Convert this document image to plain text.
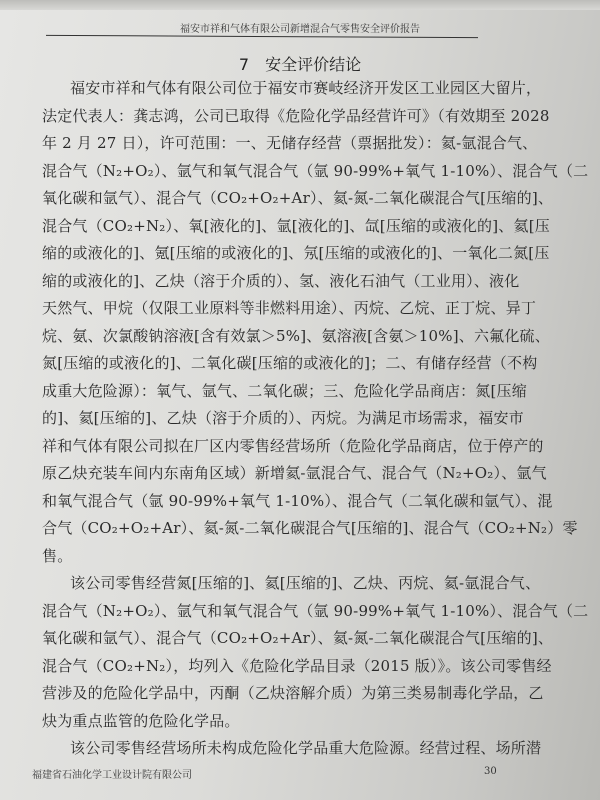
福安市祥和气体有限公司新增混合气零售安全评价报告
7　安全评价结论
福安市祥和气体有限公司位于福安市赛岐经济开发区工业园区大留片，
法定代表人：龚志鸿，公司已取得《危险化学品经营许可》（有效期至 2028
年 2 月 27 日），许可范围：一、无储存经营（票据批发）：氦-氩混合气、
混合气（N₂+O₂）、氩气和氧气混合气（氩 90-99%+氧气 1-10%）、混合气（二
氧化碳和氩气）、混合气（CO₂+O₂+Ar）、氦-氮-二氧化碳混合气[压缩的]、
混合气（CO₂+N₂）、氧[液化的]、氩[液化的]、氙[压缩的或液化的]、氦[压
缩的或液化的]、氪[压缩的或液化的]、氖[压缩的或液化的]、一氧化二氮[压
缩的或液化的]、乙炔（溶于介质的）、氢、液化石油气（工业用）、液化
天然气、甲烷（仅限工业原料等非燃料用途）、丙烷、乙烷、正丁烷、异丁
烷、氨、次氯酸钠溶液[含有效氯＞5%]、氨溶液[含氨＞10%]、六氟化硫、
氮[压缩的或液化的]、二氧化碳[压缩的或液化的]；二、有储存经营（不构
成重大危险源）：氧气、氩气、二氧化碳；三、危险化学品商店：氮[压缩
的]、氦[压缩的]、乙炔（溶于介质的）、丙烷。为满足市场需求，福安市
祥和气体有限公司拟在厂区内零售经营场所（危险化学品商店，位于停产的
原乙炔充装车间内东南角区域）新增氦-氩混合气、混合气（N₂+O₂）、氩气
和氧气混合气（氩 90-99%+氧气 1-10%）、混合气（二氧化碳和氩气）、混
合气（CO₂+O₂+Ar）、氦-氮-二氧化碳混合气[压缩的]、混合气（CO₂+N₂）零
售。
该公司零售经营氮[压缩的]、氦[压缩的]、乙炔、丙烷、氦-氩混合气、
混合气（N₂+O₂）、氩气和氧气混合气（氩 90-99%+氧气 1-10%）、混合气（二
氧化碳和氩气）、混合气（CO₂+O₂+Ar）、氦-氮-二氧化碳混合气[压缩的]、
混合气（CO₂+N₂），均列入《危险化学品目录（2015 版）》。该公司零售经
营涉及的危险化学品中，丙酮（乙炔溶解介质）为第三类易制毒化学品，乙
炔为重点监管的危险化学品。
该公司零售经营场所未构成危险化学品重大危险源。经营过程、场所潜
福建省石油化学工业设计院有限公司	30
